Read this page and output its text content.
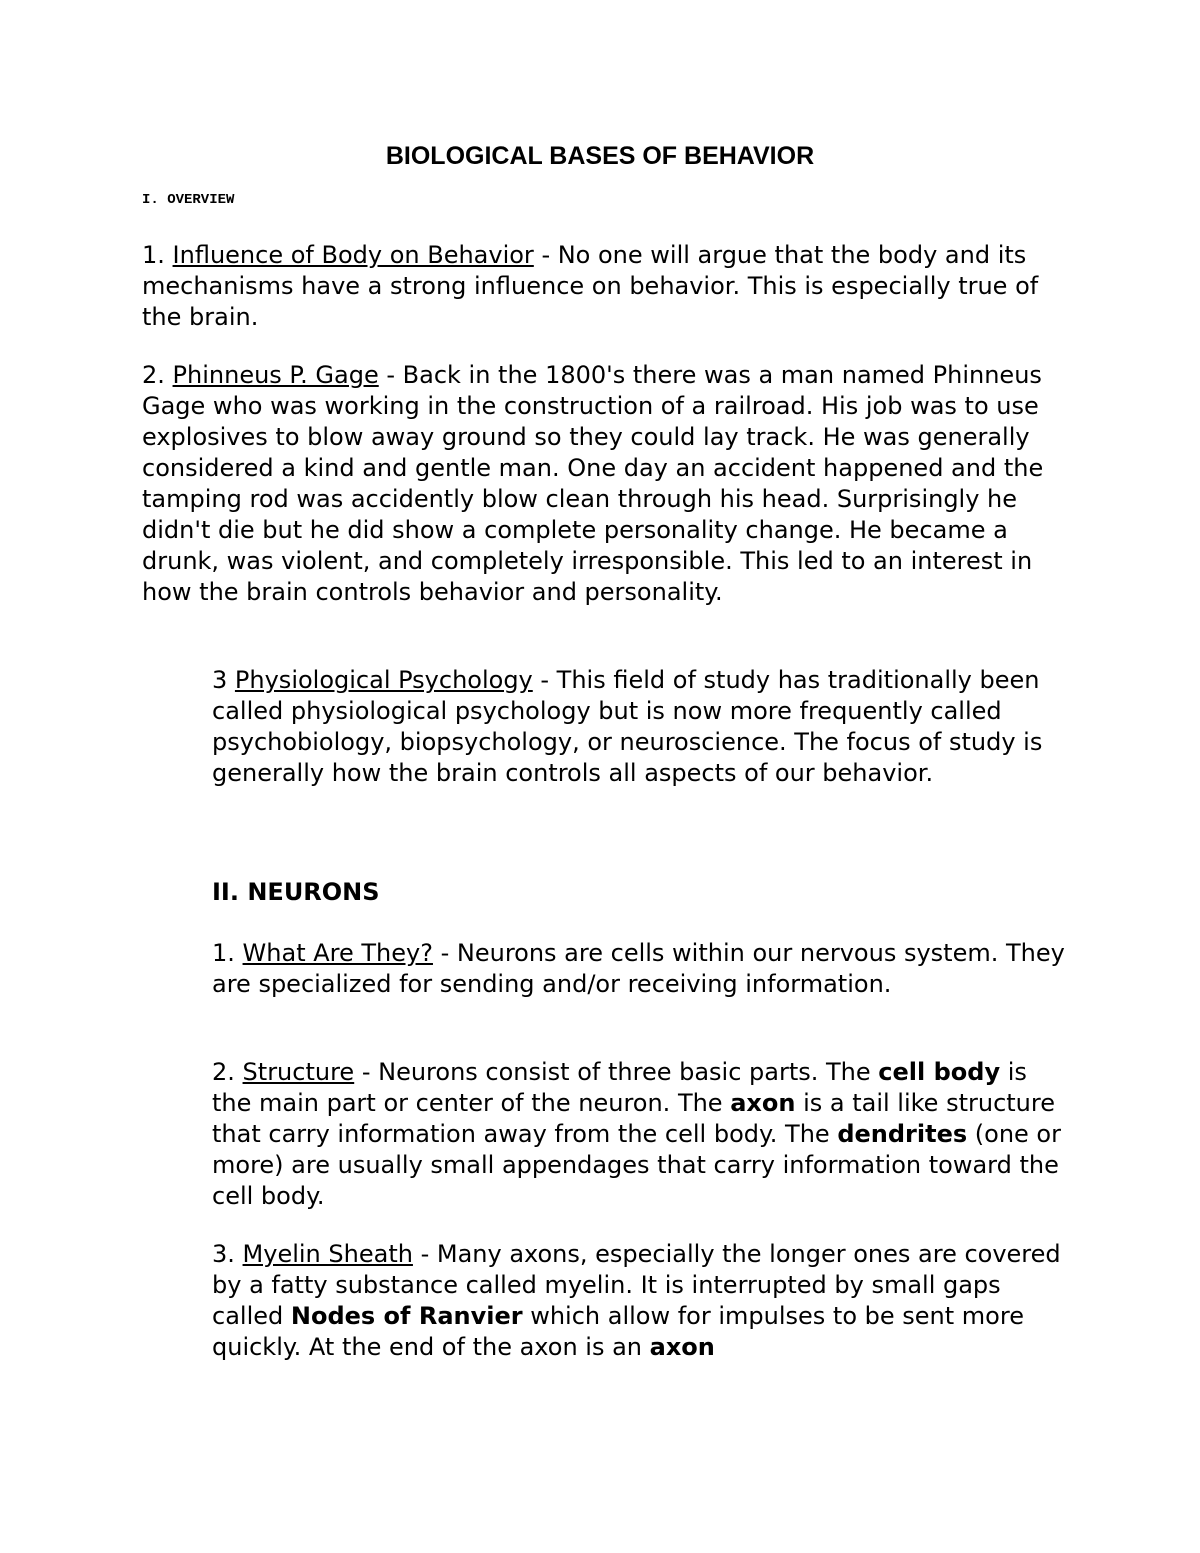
BIOLOGICAL BASES OF BEHAVIOR
I. OVERVIEW

1. Influence of Body on Behavior - No one will argue that the body and its mechanisms have a strong influence on behavior. This is especially true of the brain.

2. Phinneus P. Gage - Back in the 1800's there was a man named Phinneus Gage who was working in the construction of a railroad. His job was to use explosives to blow away ground so they could lay track. He was generally considered a kind and gentle man. One day an accident happened and the tamping rod was accidently blow clean through his head. Surprisingly he didn't die but he did show a complete personality change. He became a drunk, was violent, and completely irresponsible. This led to an interest in how the brain controls behavior and personality.

3 Physiological Psychology - This field of study has traditionally been called physiological psychology but is now more frequently called psychobiology, biopsychology, or neuroscience. The focus of study is generally how the brain controls all aspects of our behavior.

II. NEURONS

1. What Are They? - Neurons are cells within our nervous system. They are specialized for sending and/or receiving information.

2. Structure - Neurons consist of three basic parts. The cell body is the main part or center of the neuron. The axon is a tail like structure that carry information away from the cell body. The dendrites (one or more) are usually small appendages that carry information toward the cell body.

3. Myelin Sheath - Many axons, especially the longer ones are covered by a fatty substance called myelin. It is interrupted by small gaps called Nodes of Ranvier which allow for impulses to be sent more quickly. At the end of the axon is an axon
